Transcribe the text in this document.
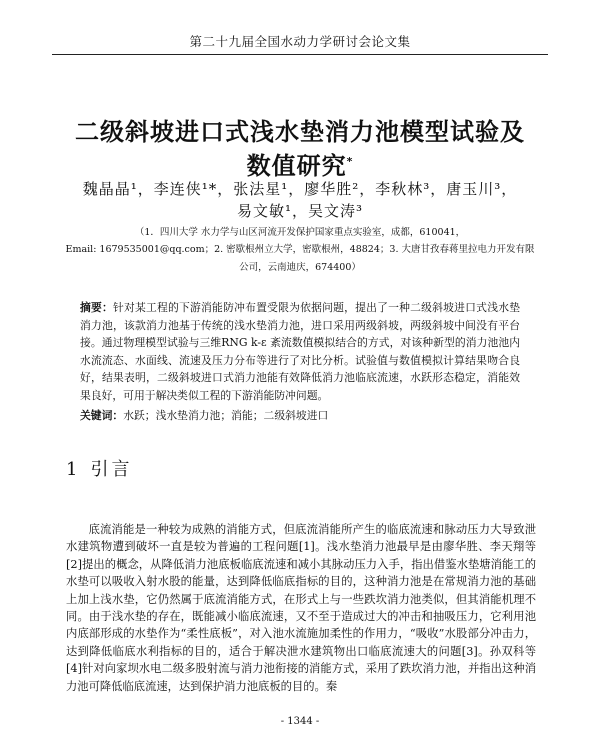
第二十九届全国水动力学研讨会论文集
二级斜坡进口式浅水垫消力池模型试验及
数值研究*
魏晶晶¹，李连侠¹*，张法星¹，廖华胜²，李秋林³，唐玉川³，
易文敏¹，吴文涛³
（1．四川大学 水力学与山区河流开发保护国家重点实验室，成都，610041，
Email: 1679535001@qq.com；2. 密歇根州立大学，密歇根州，48824；3. 大唐甘孜春蒋里拉电力开发有限
公司，云南迪庆，674400）
摘要：针对某工程的下游消能防冲布置受限为依据问题，提出了一种二级斜坡进口式浅水垫消力池，该款消力池基于传统的浅水垫消力池，进口采用两级斜坡，两级斜坡中间没有平台接。通过物理模型试验与三维RNG k-ε 紊流数值模拟结合的方式，对该种新型的消力池池内水流流态、水面线、流速及压力分布等进行了对比分析。试验值与数值模拟计算结果吻合良好，结果表明，二级斜坡进口式消力池能有效降低消力池临底流速，水跃形态稳定，消能效果良好，可用于解决类似工程的下游消能防冲问题。
关键词：水跃；浅水垫消力池；消能；二级斜坡进口
1 引言
底流消能是一种较为成熟的消能方式，但底流消能所产生的临底流速和脉动压力大导致泄水建筑物遭到破坏一直是较为普遍的工程问题[1]。浅水垫消力池最早是由廖华胜、李天翔等[2]提出的概念，从降低消力池底板临底流速和减小其脉动压力入手，指出借鉴水垫塘消能工的水垫可以吸收入射水股的能量，达到降低临底指标的目的，这种消力池是在常规消力池的基础上加上浅水垫，它仍然属于底流消能方式，在形式上与一些跌坎消力池类似，但其消能机理不同。由于浅水垫的存在，既能减小临底流速，又不至于造成过大的冲击和抽吸压力，它利用池内底部形成的水垫作为“柔性底板”，对入池水流施加柔性的作用力，“吸收”水股部分冲击力，达到降低临底水利指标的目的，适合于解决泄水建筑物出口临底流速大的问题[3]。孙双科等[4]针对向家坝水电二级多股射流与消力池衔接的消能方式，采用了跌坎消力池，并指出这种消力池可降低临底流速，达到保护消力池底板的目的。秦
- 1344 -
